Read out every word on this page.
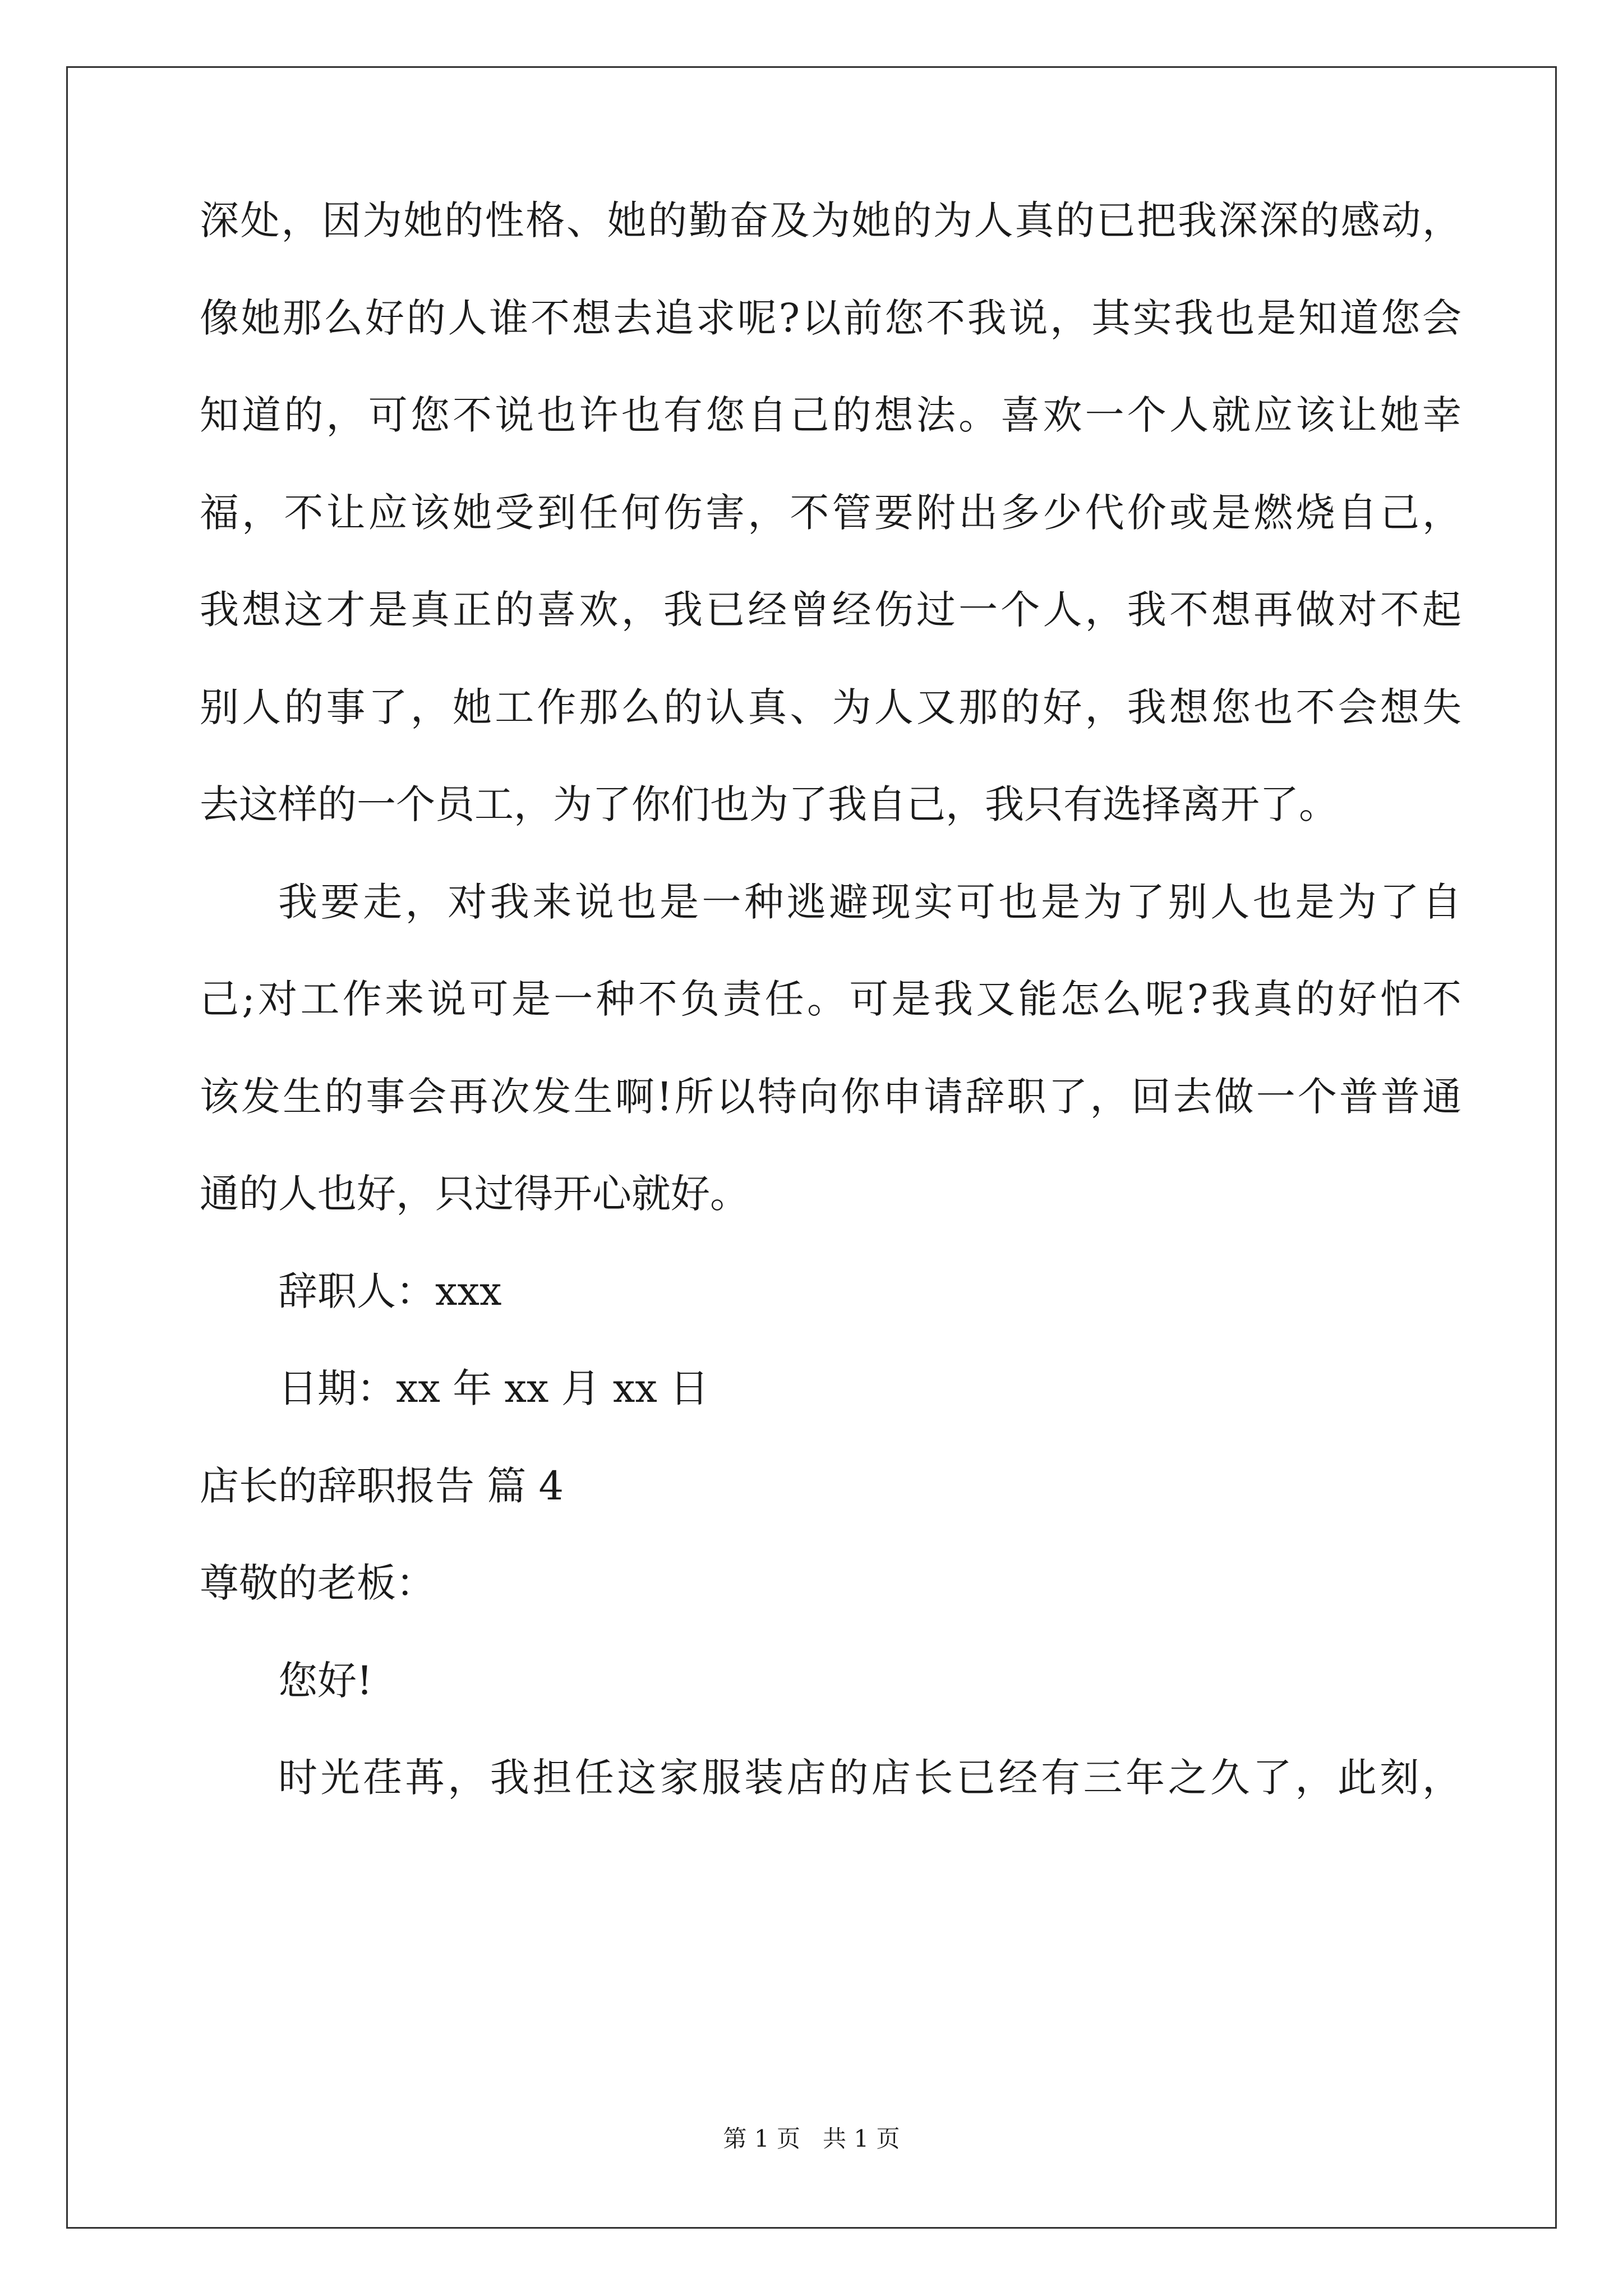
深处，因为她的性格、她的勤奋及为她的为人真的已把我深深的感动，
像她那么好的人谁不想去追求呢?以前您不我说，其实我也是知道您会
知道的，可您不说也许也有您自己的想法。喜欢一个人就应该让她幸
福，不让应该她受到任何伤害，不管要附出多少代价或是燃烧自己，
我想这才是真正的喜欢，我已经曾经伤过一个人，我不想再做对不起
别人的事了，她工作那么的认真、为人又那的好，我想您也不会想失
去这样的一个员工，为了你们也为了我自己，我只有选择离开了。
我要走，对我来说也是一种逃避现实可也是为了别人也是为了自
己;对工作来说可是一种不负责任。可是我又能怎么呢?我真的好怕不
该发生的事会再次发生啊!所以特向你申请辞职了，回去做一个普普通
通的人也好，只过得开心就好。
辞职人：xxx
日期：xx 年 xx 月 xx 日
店长的辞职报告 篇 4
尊敬的老板：
您好!
时光荏苒，我担任这家服装店的店长已经有三年之久了，此刻，
第 1 页   共 1 页
